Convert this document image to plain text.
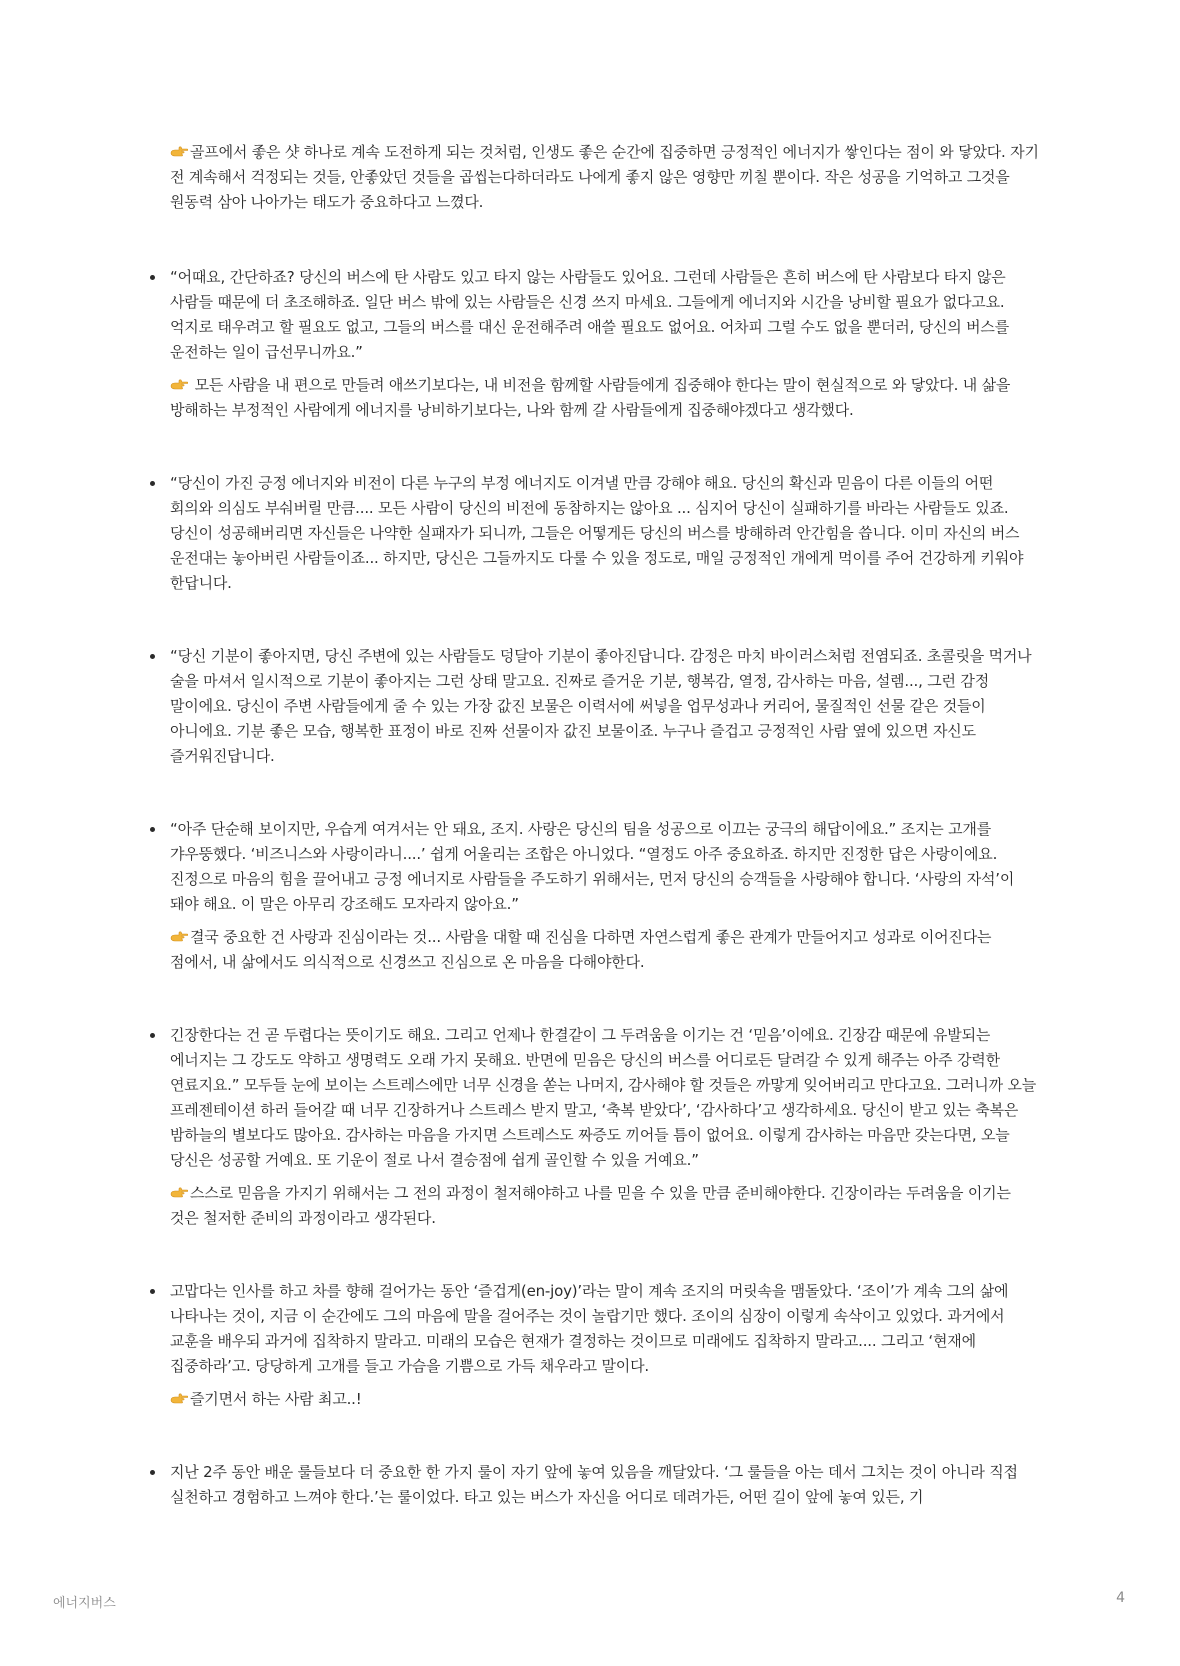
골프에서 좋은 샷 하나로 계속 도전하게 되는 것처럼, 인생도 좋은 순간에 집중하면 긍정적인 에너지가 쌓인다는 점이 와 닿았다. 자기 전 계속해서 걱정되는 것들, 안좋았던 것들을 곱씹는다하더라도 나에게 좋지 않은 영향만 끼칠 뿐이다. 작은 성공을 기억하고 그것을 원동력 삼아 나아가는 태도가 중요하다고 느꼈다.

“어때요, 간단하죠? 당신의 버스에 탄 사람도 있고 타지 않는 사람들도 있어요. 그런데 사람들은 흔히 버스에 탄 사람보다 타지 않은 사람들 때문에 더 초조해하죠. 일단 버스 밖에 있는 사람들은 신경 쓰지 마세요. 그들에게 에너지와 시간을 낭비할 필요가 없다고요. 억지로 태우려고 할 필요도 없고, 그들의 버스를 대신 운전해주려 애쓸 필요도 없어요. 어차피 그럴 수도 없을 뿐더러, 당신의 버스를 운전하는 일이 급선무니까요.”

모든 사람을 내 편으로 만들려 애쓰기보다는, 내 비전을 함께할 사람들에게 집중해야 한다는 말이 현실적으로 와 닿았다. 내 삶을 방해하는 부정적인 사람에게 에너지를 낭비하기보다는, 나와 함께 갈 사람들에게 집중해야겠다고 생각했다.

“당신이 가진 긍정 에너지와 비전이 다른 누구의 부정 에너지도 이겨낼 만큼 강해야 해요. 당신의 확신과 믿음이 다른 이들의 어떤 회의와 의심도 부숴버릴 만큼.... 모든 사람이 당신의 비전에 동참하지는 않아요 ... 심지어 당신이 실패하기를 바라는 사람들도 있죠. 당신이 성공해버리면 자신들은 나약한 실패자가 되니까, 그들은 어떻게든 당신의 버스를 방해하려 안간힘을 씁니다. 이미 자신의 버스 운전대는 놓아버린 사람들이죠... 하지만, 당신은 그들까지도 다룰 수 있을 정도로, 매일 긍정적인 개에게 먹이를 주어 건강하게 키워야 한답니다.

“당신 기분이 좋아지면, 당신 주변에 있는 사람들도 덩달아 기분이 좋아진답니다. 감정은 마치 바이러스처럼 전염되죠. 초콜릿을 먹거나 술을 마셔서 일시적으로 기분이 좋아지는 그런 상태 말고요. 진짜로 즐거운 기분, 행복감, 열정, 감사하는 마음, 설렘..., 그런 감정 말이에요. 당신이 주변 사람들에게 줄 수 있는 가장 값진 보물은 이력서에 써넣을 업무성과나 커리어, 물질적인 선물 같은 것들이 아니에요. 기분 좋은 모습, 행복한 표정이 바로 진짜 선물이자 값진 보물이죠. 누구나 즐겁고 긍정적인 사람 옆에 있으면 자신도 즐거워진답니다.

“아주 단순해 보이지만, 우습게 여겨서는 안 돼요, 조지. 사랑은 당신의 팀을 성공으로 이끄는 궁극의 해답이에요.” 조지는 고개를 갸우뚱했다. ‘비즈니스와 사랑이라니....’ 쉽게 어울리는 조합은 아니었다. “열정도 아주 중요하죠. 하지만 진정한 답은 사랑이에요. 진정으로 마음의 힘을 끌어내고 긍정 에너지로 사람들을 주도하기 위해서는, 먼저 당신의 승객들을 사랑해야 합니다. ‘사랑의 자석’이 돼야 해요. 이 말은 아무리 강조해도 모자라지 않아요.”

결국 중요한 건 사랑과 진심이라는 것... 사람을 대할 때 진심을 다하면 자연스럽게 좋은 관계가 만들어지고 성과로 이어진다는 점에서, 내 삶에서도 의식적으로 신경쓰고 진심으로 온 마음을 다해야한다.

긴장한다는 건 곧 두렵다는 뜻이기도 해요. 그리고 언제나 한결같이 그 두려움을 이기는 건 ‘믿음’이에요. 긴장감 때문에 유발되는 에너지는 그 강도도 약하고 생명력도 오래 가지 못해요. 반면에 믿음은 당신의 버스를 어디로든 달려갈 수 있게 해주는 아주 강력한 연료지요.” 모두들 눈에 보이는 스트레스에만 너무 신경을 쏟는 나머지, 감사해야 할 것들은 까맣게 잊어버리고 만다고요. 그러니까 오늘 프레젠테이션 하러 들어갈 때 너무 긴장하거나 스트레스 받지 말고, ‘축복 받았다’, ‘감사하다’고 생각하세요. 당신이 받고 있는 축복은 밤하늘의 별보다도 많아요. 감사하는 마음을 가지면 스트레스도 짜증도 끼어들 틈이 없어요. 이렇게 감사하는 마음만 갖는다면, 오늘 당신은 성공할 거예요. 또 기운이 절로 나서 결승점에 쉽게 골인할 수 있을 거예요.”

스스로 믿음을 가지기 위해서는 그 전의 과정이 철저해야하고 나를 믿을 수 있을 만큼 준비해야한다. 긴장이라는 두려움을 이기는 것은 철저한 준비의 과정이라고 생각된다.

고맙다는 인사를 하고 차를 향해 걸어가는 동안 ‘즐겁게(en-joy)’라는 말이 계속 조지의 머릿속을 맴돌았다. ‘조이’가 계속 그의 삶에 나타나는 것이, 지금 이 순간에도 그의 마음에 말을 걸어주는 것이 놀랍기만 했다. 조이의 심장이 이렇게 속삭이고 있었다. 과거에서 교훈을 배우되 과거에 집착하지 말라고. 미래의 모습은 현재가 결정하는 것이므로 미래에도 집착하지 말라고.... 그리고 ‘현재에 집중하라’고. 당당하게 고개를 들고 가슴을 기쁨으로 가득 채우라고 말이다.

즐기면서 하는 사람 최고..!

지난 2주 동안 배운 룰들보다 더 중요한 한 가지 룰이 자기 앞에 놓여 있음을 깨달았다. ‘그 룰들을 아는 데서 그치는 것이 아니라 직접 실천하고 경험하고 느껴야 한다.’는 룰이었다. 타고 있는 버스가 자신을 어디로 데려가든, 어떤 길이 앞에 놓여 있든, 기

에너지버스	4
